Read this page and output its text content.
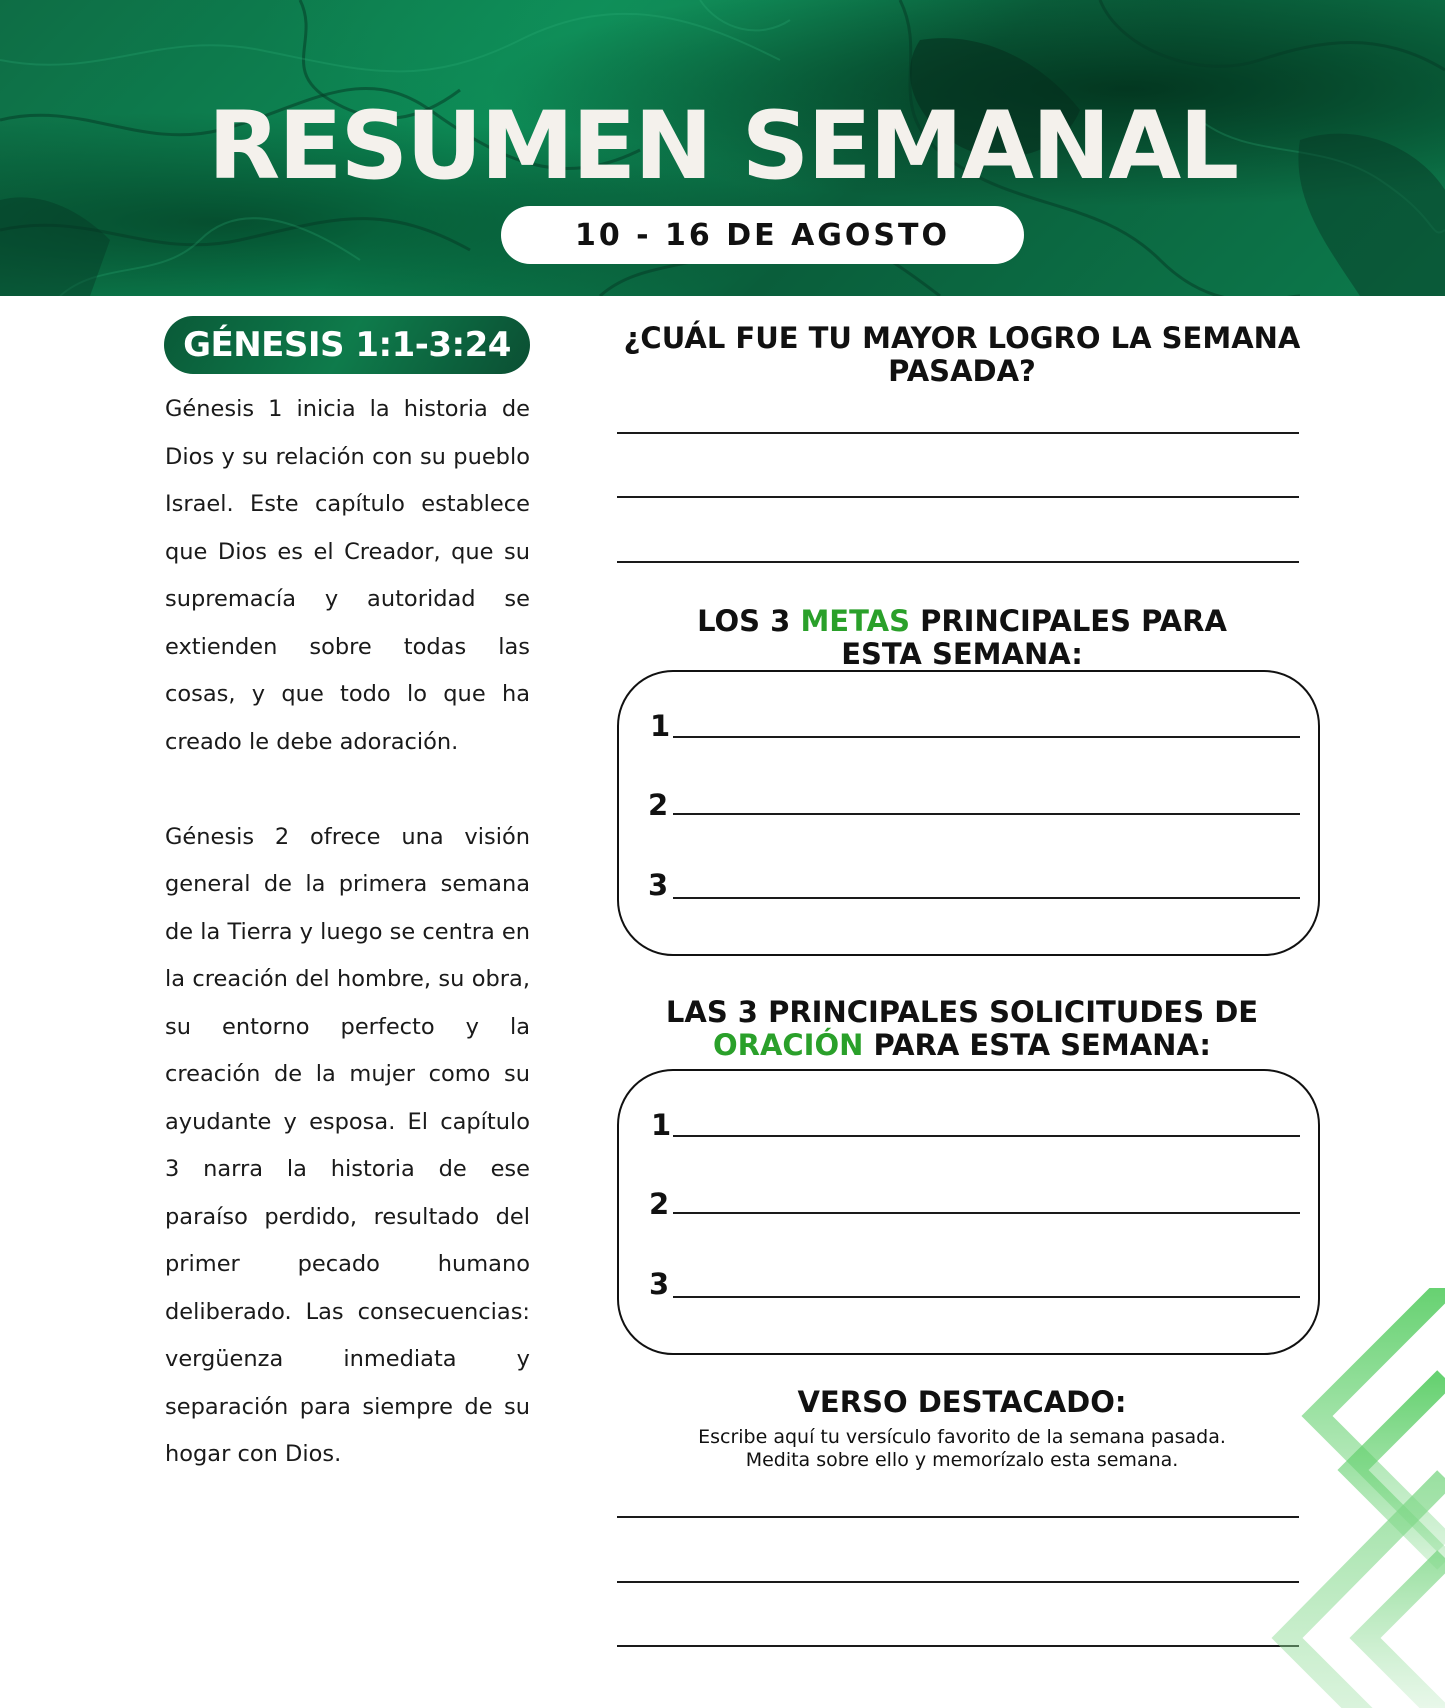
RESUMEN SEMANAL
10 - 16 DE AGOSTO
GÉNESIS 1:1-3:24

Génesis 1 inicia la historia de Dios y su relación con su pueblo Israel. Este capítulo establece que Dios es el Creador, que su supremacía y autoridad se extienden sobre todas las cosas, y que todo lo que ha creado le debe adoración.

Génesis 2 ofrece una visión general de la primera semana de la Tierra y luego se centra en la creación del hombre, su obra, su entorno perfecto y la creación de la mujer como su ayudante y esposa. El capítulo 3 narra la historia de ese paraíso perdido, resultado del primer pecado humano deliberado. Las consecuencias: vergüenza inmediata y separación para siempre de su hogar con Dios.

¿CUÁL FUE TU MAYOR LOGRO LA SEMANA PASADA?
LOS 3 METAS PRINCIPALES PARA ESTA SEMANA:
1
2
3
LAS 3 PRINCIPALES SOLICITUDES DE ORACIÓN PARA ESTA SEMANA:
1
2
3
VERSO DESTACADO:
Escribe aquí tu versículo favorito de la semana pasada.
Medita sobre ello y memorízalo esta semana.
